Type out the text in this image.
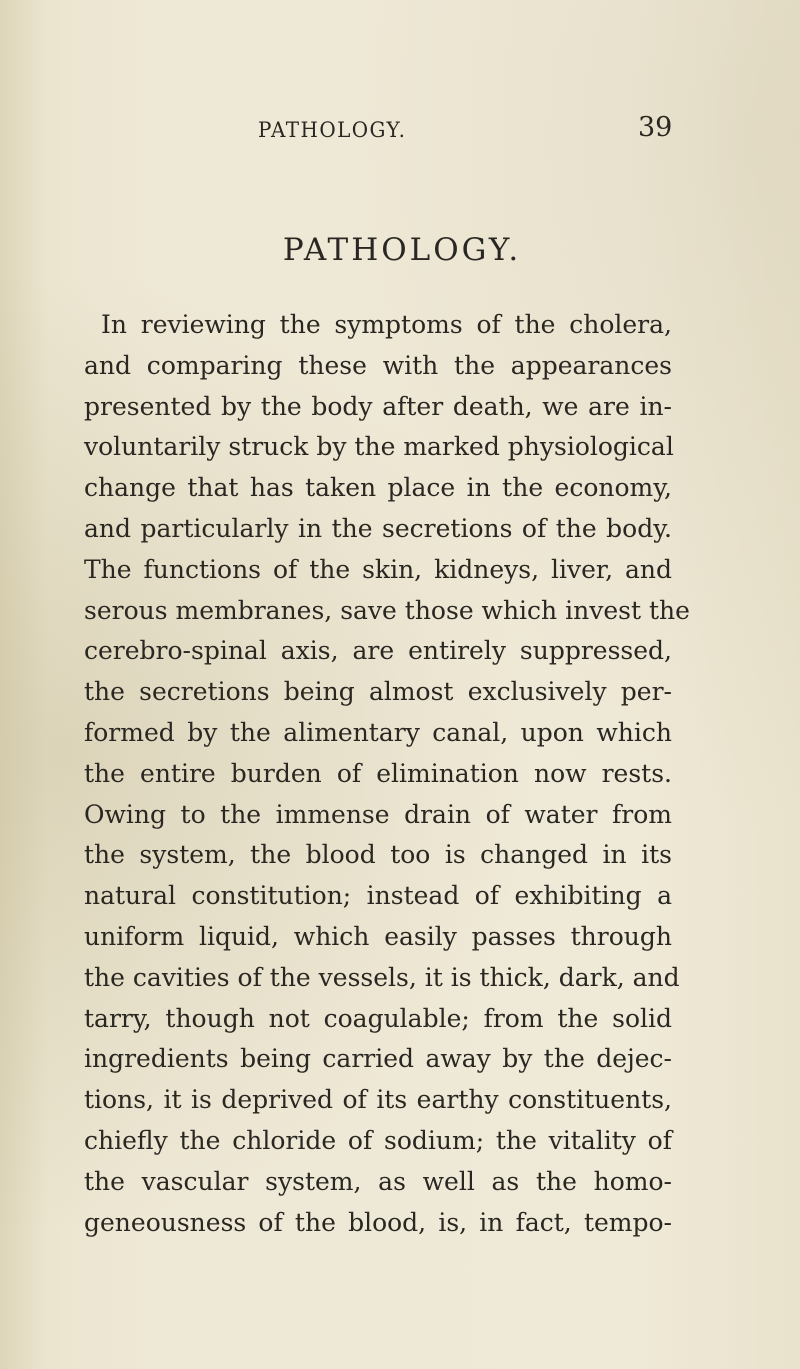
PATHOLOGY.	39
PATHOLOGY.
In reviewing the symptoms of the cholera,
and comparing these with the appearances
presented by the body after death, we are in-
voluntarily struck by the marked physiological
change that has taken place in the economy,
and particularly in the secretions of the body.
The functions of the skin, kidneys, liver, and
serous membranes, save those which invest the
cerebro-spinal axis, are entirely suppressed,
the secretions being almost exclusively per-
formed by the alimentary canal, upon which
the entire burden of elimination now rests.
Owing to the immense drain of water from
the system, the blood too is changed in its
natural constitution; instead of exhibiting a
uniform liquid, which easily passes through
the cavities of the vessels, it is thick, dark, and
tarry, though not coagulable; from the solid
ingredients being carried away by the dejec-
tions, it is deprived of its earthy constituents,
chiefly the chloride of sodium; the vitality of
the vascular system, as well as the homo-
geneousness of the blood, is, in fact, tempo-
